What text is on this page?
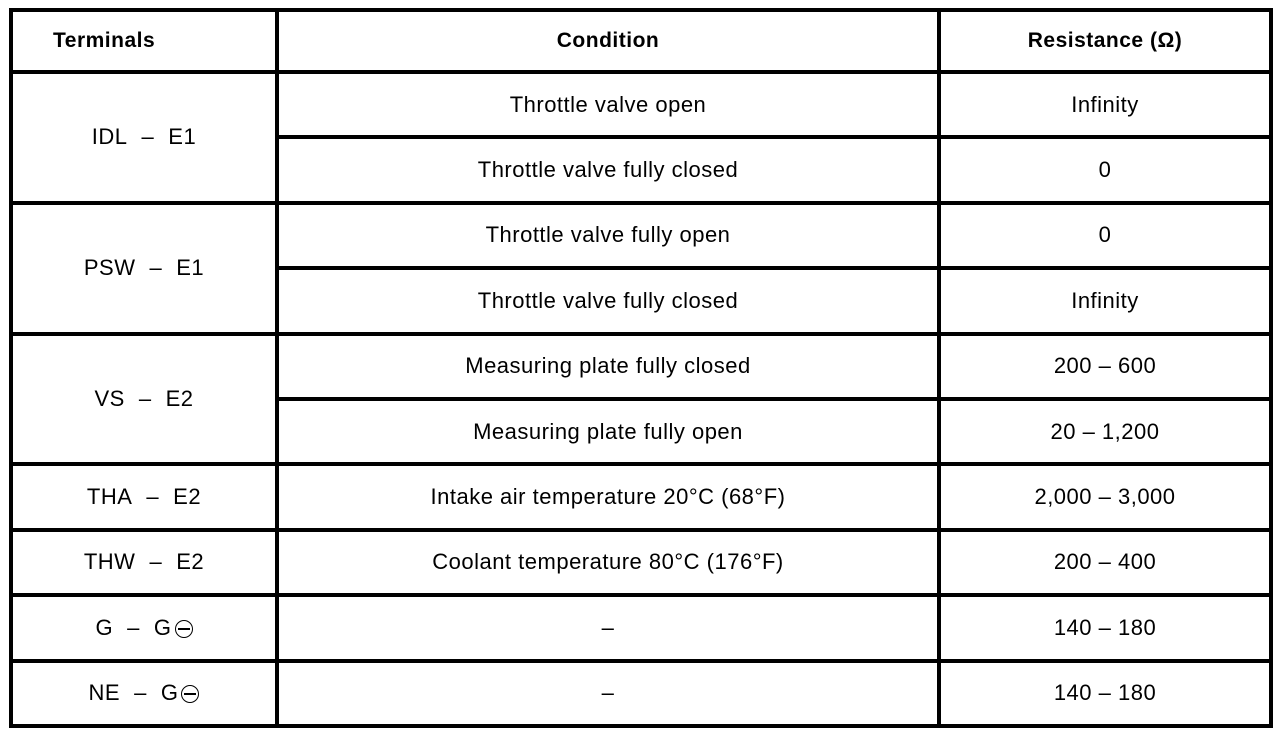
Terminals	Condition	Resistance (Ω)
IDL – E1	Throttle valve open	Infinity
	Throttle valve fully closed	0
PSW – E1	Throttle valve fully open	0
	Throttle valve fully closed	Infinity
VS – E2	Measuring plate fully closed	200 – 600
	Measuring plate fully open	20 – 1,200
THA – E2	Intake air temperature 20°C (68°F)	2,000 – 3,000
THW – E2	Coolant temperature 80°C (176°F)	200 – 400
G – G	–	140 – 180
NE – G	–	140 – 180
